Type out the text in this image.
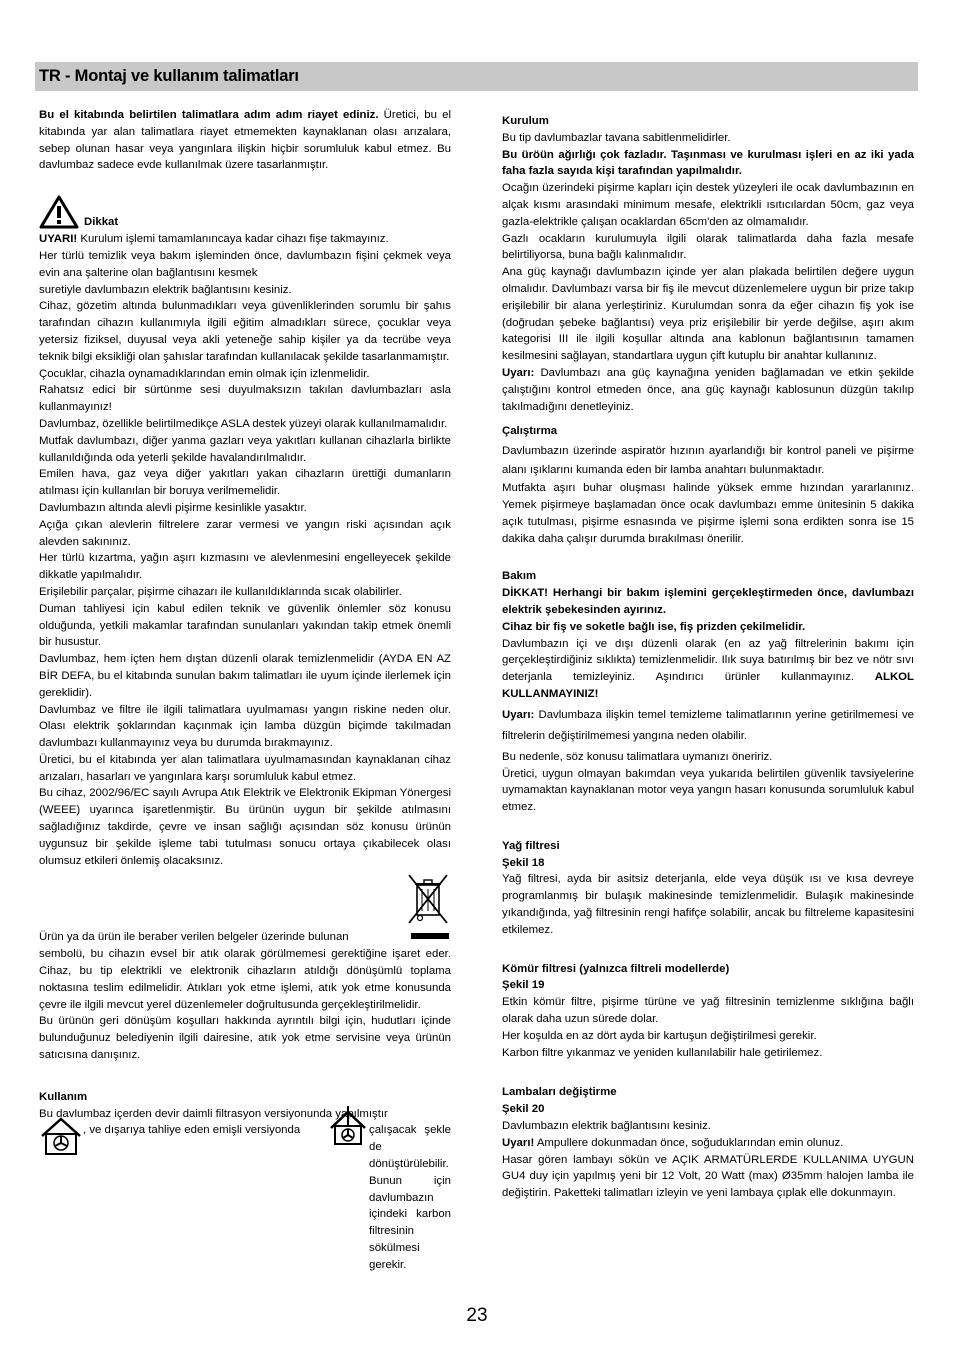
TR - Montaj ve kullanım talimatları

Bu el kitabında belirtilen talimatlara adım adım riayet ediniz. Üretici, bu el kitabında yar alan talimatlara riayet etmemekten kaynaklanan olası arızalara, sebep olunan hasar veya yangınlara ilişkin hiçbir sorumluluk kabul etmez. Bu davlumbaz sadece evde kullanılmak üzere tasarlanmıştır.

Dikkat

UYARI! Kurulum işlemi tamamlanıncaya kadar cihazı fişe takmayınız.

Her türlü temizlik veya bakım işleminden önce, davlumbazın fişini çekmek veya evin ana şalterine olan bağlantısını kesmek

suretiyle davlumbazın elektrik bağlantısını kesiniz.

Cihaz, gözetim altında bulunmadıkları veya güvenliklerinden sorumlu bir şahıs tarafından cihazın kullanımıyla ilgili eğitim almadıkları sürece, çocuklar veya yetersiz fiziksel, duyusal veya akli yeteneğe sahip kişiler ya da tecrübe veya teknik bilgi eksikliği olan şahıslar tarafından kullanılacak şekilde tasarlanmamıştır.

Çocuklar, cihazla oynamadıklarından emin olmak için izlenmelidir.

Rahatsız edici bir sürtünme sesi duyulmaksızın takılan davlumbazları asla kullanmayınız!

Davlumbaz, özellikle belirtilmedikçe ASLA destek yüzeyi olarak kullanılmamalıdır.

Mutfak davlumbazı, diğer yanma gazları veya yakıtları kullanan cihazlarla birlikte kullanıldığında oda yeterli şekilde havalandırılmalıdır.

Emilen hava, gaz veya diğer yakıtları yakan cihazların ürettiği dumanların atılması için kullanılan bir boruya verilmemelidir.

Davlumbazın altında alevli pişirme kesinlikle yasaktır.

Açığa çıkan alevlerin filtrelere zarar vermesi ve yangın riski açısından açık alevden sakınınız.

Her türlü kızartma, yağın aşırı kızmasını ve alevlenmesini engelleyecek şekilde dikkatle yapılmalıdır.

Erişilebilir parçalar, pişirme cihazarı ile kullanıldıklarında sıcak olabilirler.

Duman tahliyesi için kabul edilen teknik ve güvenlik önlemler söz konusu olduğunda, yetkili makamlar tarafından sunulanları yakından takip etmek önemli bir husustur.

Davlumbaz, hem içten hem dıştan düzenli olarak temizlenmelidir (AYDA EN AZ BİR DEFA, bu el kitabında sunulan bakım talimatları ile uyum içinde ilerlemek için gereklidir).

Davlumbaz ve filtre ile ilgili talimatlara uyulmaması yangın riskine neden olur. Olası elektrik şoklarından kaçınmak için lamba düzgün biçimde takılmadan davlumbazı kullanmayınız veya bu durumda bırakmayınız.

Üretici, bu el kitabında yer alan talimatlara uyulmamasından kaynaklanan cihaz arızaları, hasarları ve yangınlara karşı sorumluluk kabul etmez.

Bu cihaz, 2002/96/EC sayılı Avrupa Atık Elektrik ve Elektronik Ekipman Yönergesi (WEEE) uyarınca işaretlenmiştir. Bu ürünün uygun bir şekilde atılmasını sağladığınız takdirde, çevre ve insan sağlığı açısından söz konusu ürünün uygunsuz bir şekilde işleme tabi tutulması sonucu ortaya çıkabilecek olası olumsuz etkileri önlemiş olacaksınız.

Ürün ya da ürün ile beraber verilen belgeler üzerinde bulunan

sembolü, bu cihazın evsel bir atık olarak görülmemesi gerektiğine işaret eder. Cihaz, bu tip elektrikli ve elektronik cihazların atıldığı dönüşümlü toplama noktasına teslim edilmelidir. Atıkları yok etme işlemi, atık yok etme konusunda çevre ile ilgili mevcut yerel düzenlemeler doğrultusunda gerçekleştirilmelidir.

Bu ürünün geri dönüşüm koşulları hakkında ayrıntılı bilgi için, hudutları içinde bulunduğunuz belediyenin ilgili dairesine, atık yok etme servisine veya ürünün satıcısına danışınız.

Kullanım

Bu davlumbaz içerden devir daimli filtrasyon versiyonunda yapılmıştır

, ve dışarıya tahliye eden emişli versiyonda	çalışacak şekle de dönüştürülebilir. Bunun için davlumbazın içindeki karbon filtresinin sökülmesi gerekir.

Kurulum

Bu tip davlumbazlar tavana sabitlenmelidirler.

Bu üröün ağırlığı çok fazladır. Taşınması ve kurulması işleri en az iki yada faha fazla sayıda kişi tarafından yapılmalıdır.

Ocağın üzerindeki pişirme kapları için destek yüzeyleri ile ocak davlumbazının en alçak kısmı arasındaki minimum mesafe, elektrikli ısıtıcılardan 50cm, gaz veya gazla-elektrikle çalışan ocaklardan 65cm'den az olmamalıdır.

Gazlı ocakların kurulumuyla ilgili olarak talimatlarda daha fazla mesafe belirtiliyorsa, buna bağlı kalınmalıdır.

Ana güç kaynağı davlumbazın içinde yer alan plakada belirtilen değere uygun olmalıdır. Davlumbazı varsa bir fiş ile mevcut düzenlemelere uygun bir prize takıp erişilebilir bir alana yerleştiriniz. Kurulumdan sonra da eğer cihazın fiş yok ise (doğrudan şebeke bağlantısı) veya priz erişilebilir bir yerde değilse, aşırı akım kategorisi III ile ilgili koşullar altında ana kablonun bağlantısının tamamen kesilmesini sağlayan, standartlara uygun çift kutuplu bir anahtar kullanınız.

Uyarı: Davlumbazı ana güç kaynağına yeniden bağlamadan ve etkin şekilde çalıştığını kontrol etmeden önce, ana güç kaynağı kablosunun düzgün takılıp takılmadığını denetleyiniz.

Çalıştırma

Davlumbazın üzerinde aspiratör hızının ayarlandığı bir kontrol paneli ve pişirme alanı ışıklarını kumanda eden bir lamba anahtarı bulunmaktadır.

Mutfakta aşırı buhar oluşması halinde yüksek emme hızından yararlanınız. Yemek pişirmeye başlamadan önce ocak davlumbazı emme ünitesinin 5 dakika açık tutulması, pişirme esnasında ve pişirme işlemi sona erdikten sonra ise 15 dakika daha çalışır durumda bırakılması önerilir.

Bakım

DİKKAT! Herhangi bir bakım işlemini gerçekleştirmeden önce, davlumbazı elektrik şebekesinden ayırınız.

Cihaz bir fiş ve soketle bağlı ise, fiş prizden çekilmelidir.

Davlumbazın içi ve dışı düzenli olarak (en az yağ filtrelerinin bakımı için gerçekleştirdiğiniz sıklıkta) temizlenmelidir. Ilık suya batırılmış bir bez ve nötr sıvı deterjanla temizleyiniz. Aşındırıcı ürünler kullanmayınız. ALKOL KULLANMAYINIZ!

Uyarı: Davlumbaza ilişkin temel temizleme talimatlarının yerine getirilmemesi ve filtrelerin değiştirilmemesi yangına neden olabilir.

Bu nedenle, söz konusu talimatlara uymanızı öneririz.

Üretici, uygun olmayan bakımdan veya yukarıda belirtilen güvenlik tavsiyelerine uymamaktan kaynaklanan motor veya yangın hasarı konusunda sorumluluk kabul etmez.

Yağ filtresi

Şekil 18

Yağ filtresi, ayda bir asitsiz deterjanla, elde veya düşük ısı ve kısa devreye programlanmış bir bulaşık makinesinde temizlenmelidir. Bulaşık makinesinde yıkandığında, yağ filtresinin rengi hafifçe solabilir, ancak bu filtreleme kapasitesini etkilemez.

Kömür filtresi (yalnızca filtreli modellerde)

Şekil 19

Etkin kömür filtre, pişirme türüne ve yağ filtresinin temizlenme sıklığına bağlı olarak daha uzun sürede dolar.

Her koşulda en az dört ayda bir kartuşun değiştirilmesi gerekir.

Karbon filtre yıkanmaz ve yeniden kullanılabilir hale getirilemez.

Lambaları değiştirme

Şekil 20

Davlumbazın elektrik bağlantısını kesiniz.

Uyarı! Ampullere dokunmadan önce, soğuduklarından emin olunuz.

Hasar gören lambayı sökün ve AÇIK ARMATÜRLERDE KULLANIMA UYGUN GU4 duy için yapılmış yeni bir 12 Volt, 20 Watt (max) Ø35mm halojen lamba ile değiştirin. Paketteki talimatları izleyin ve yeni lambaya çıplak elle dokunmayın.

23
